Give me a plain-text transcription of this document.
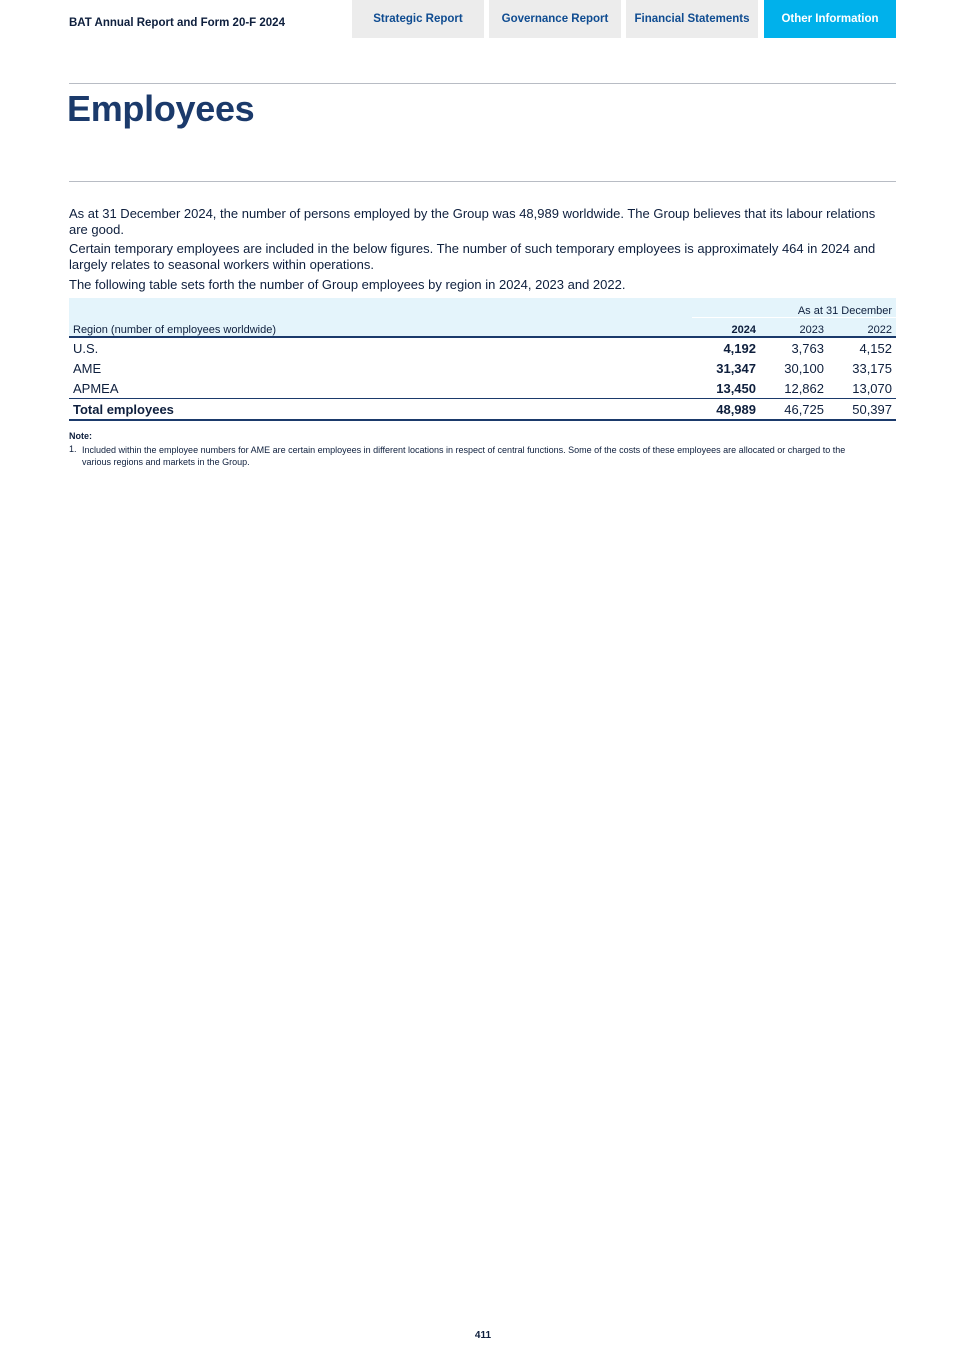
BAT Annual Report and Form 20-F 2024	Strategic Report	Governance Report	Financial Statements	Other Information
Employees

As at 31 December 2024, the number of persons employed by the Group was 48,989 worldwide. The Group believes that its labour relations are good.

Certain temporary employees are included in the below figures. The number of such temporary employees is approximately 464 in 2024 and largely relates to seasonal workers within operations.

The following table sets forth the number of Group employees by region in 2024, 2023 and 2022.

	As at 31 December		
Region (number of employees worldwide)	2024	2023	2022
U.S.	4,192	3,763	4,152
AME	31,347	30,100	33,175
APMEA	13,450	12,862	13,070
Total employees	48,989	46,725	50,397
Note:
1. Included within the employee numbers for AME are certain employees in different locations in respect of central functions. Some of the costs of these employees are allocated or charged to the various regions and markets in the Group.

411
